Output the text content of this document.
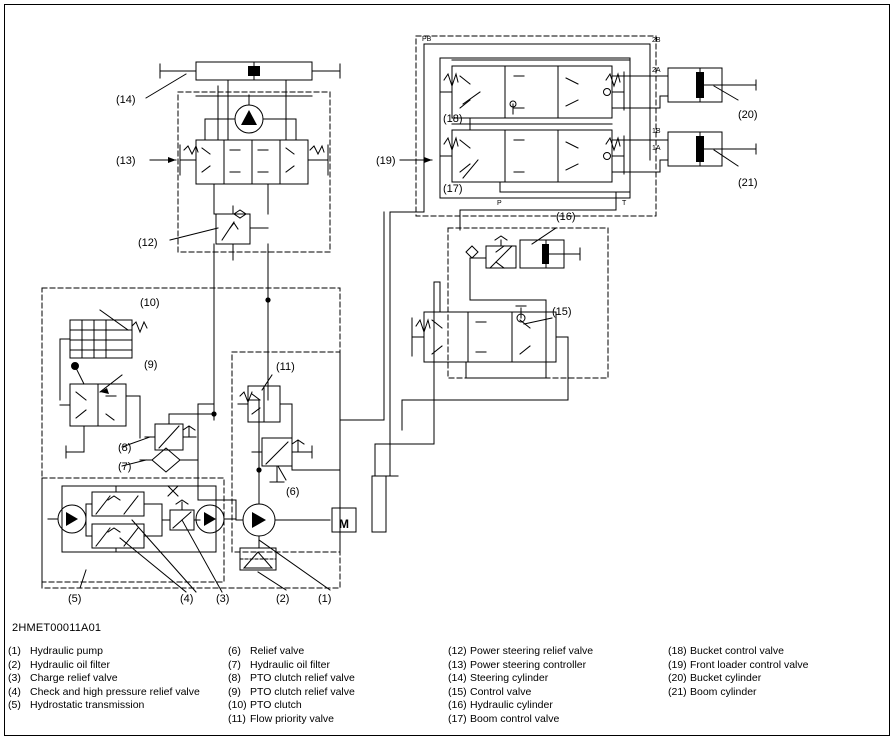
(14)
(13)
(12)
(10)
(9)
(8)
(7)
(11)
(6)
(1)
(2)
(3)
(4)
(5)
(19)
(18)
(17)
(16)
(15)
(20)
(21)
PB	2B
2A
1B
1A
P	T
M
2HMET00011A01
(1) Hydraulic pump
(2) Hydraulic oil filter
(3) Charge relief valve
(4) Check and high pressure relief valve
(5) Hydrostatic transmission
(6) Relief valve
(7) Hydraulic oil filter
(8) PTO clutch relief valve
(9) PTO clutch relief valve
(10) PTO clutch
(11) Flow priority valve
(12) Power steering relief valve
(13) Power steering controller
(14) Steering cylinder
(15) Control valve
(16) Hydraulic cylinder
(17) Boom control valve
(18) Bucket control valve
(19) Front loader control valve
(20) Bucket cylinder
(21) Boom cylinder
